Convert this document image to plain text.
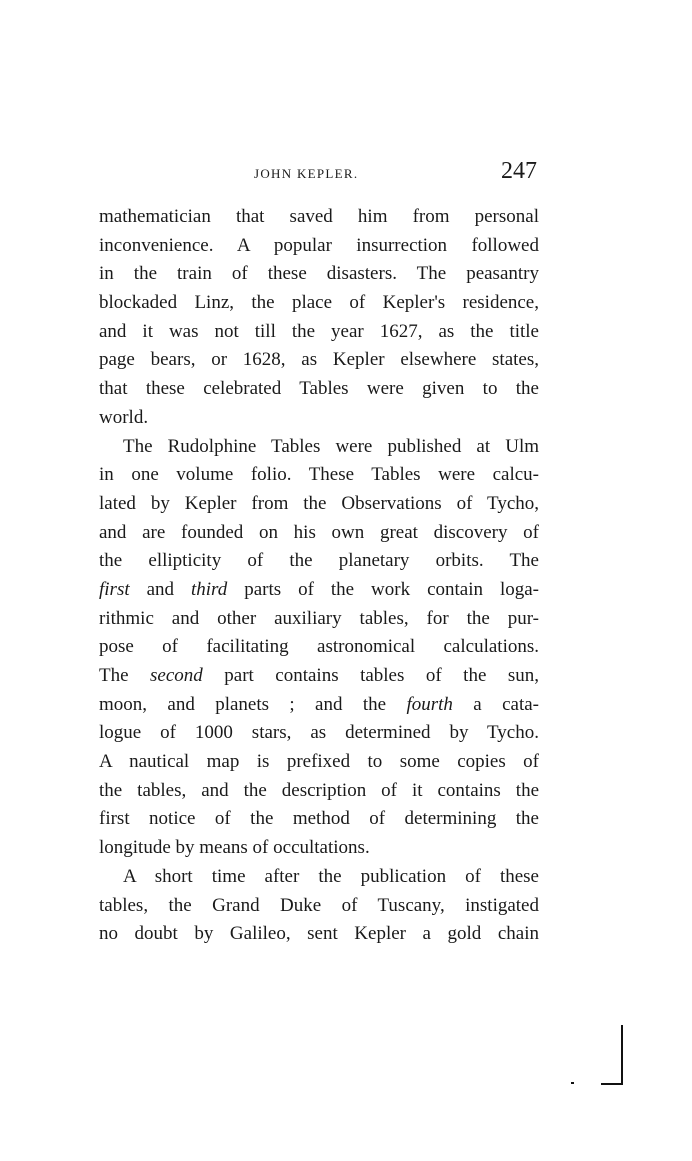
JOHN KEPLER.	247
mathematician that saved him from personal
inconvenience. A popular insurrection followed
in the train of these disasters. The peasantry
blockaded Linz, the place of Kepler's residence,
and it was not till the year 1627, as the title
page bears, or 1628, as Kepler elsewhere states,
that these celebrated Tables were given to the
world.
The Rudolphine Tables were published at Ulm
in one volume folio. These Tables were calcu-
lated by Kepler from the Observations of Tycho,
and are founded on his own great discovery of
the ellipticity of the planetary orbits. The
first and third parts of the work contain loga-
rithmic and other auxiliary tables, for the pur-
pose of facilitating astronomical calculations.
The second part contains tables of the sun,
moon, and planets ; and the fourth a cata-
logue of 1000 stars, as determined by Tycho.
A nautical map is prefixed to some copies of
the tables, and the description of it contains the
first notice of the method of determining the
longitude by means of occultations.
A short time after the publication of these
tables, the Grand Duke of Tuscany, instigated
no doubt by Galileo, sent Kepler a gold chain
